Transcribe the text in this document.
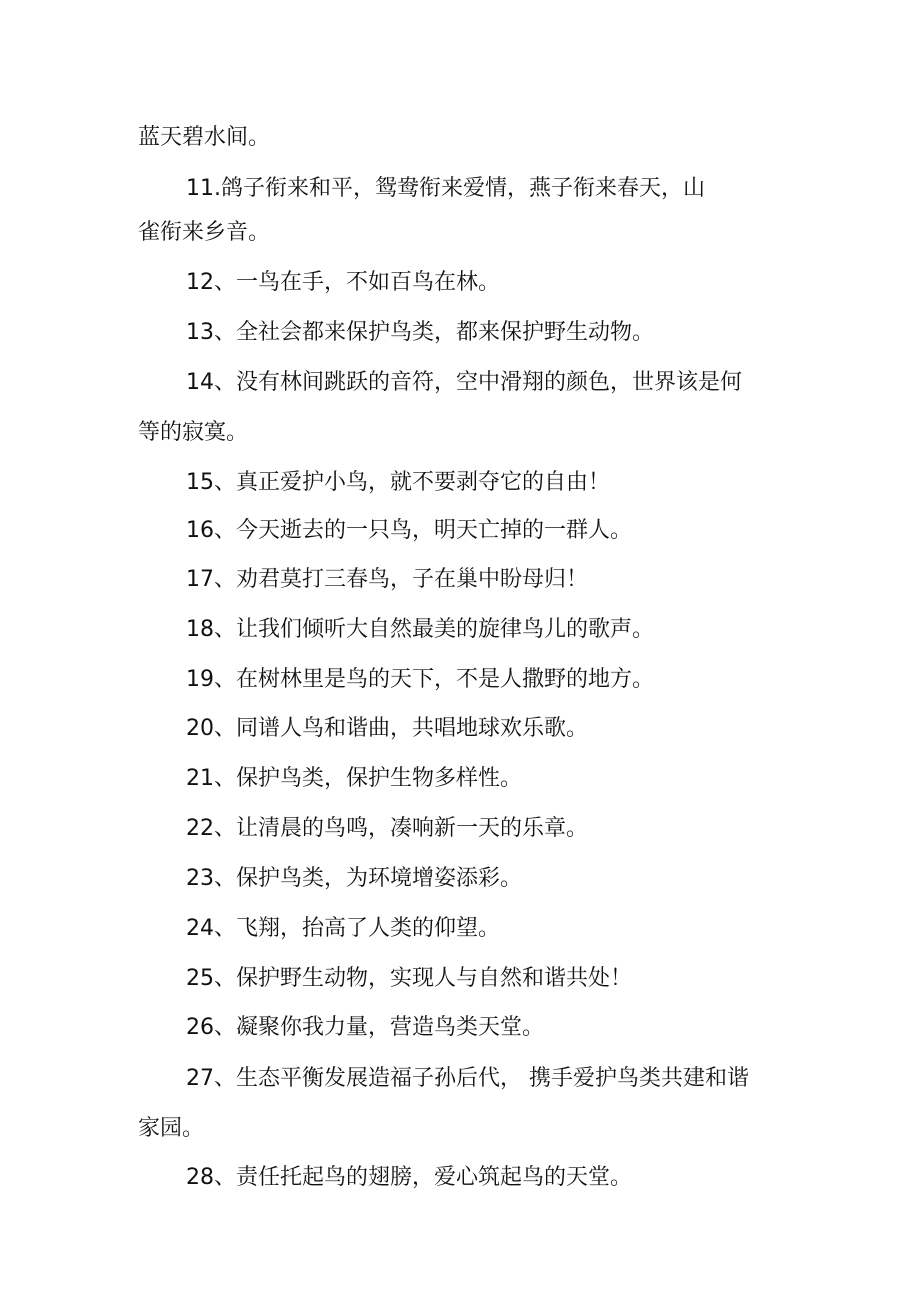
蓝天碧水间。
11.鸽子衔来和平，鸳鸯衔来爱情，燕子衔来春天，山
雀衔来乡音。
12、一鸟在手，不如百鸟在林。
13、全社会都来保护鸟类，都来保护野生动物。
14、没有林间跳跃的音符，空中滑翔的颜色，世界该是何
等的寂寞。
15、真正爱护小鸟，就不要剥夺它的自由！
16、今天逝去的一只鸟，明天亡掉的一群人。
17、劝君莫打三春鸟，子在巢中盼母归！
18、让我们倾听大自然最美的旋律鸟儿的歌声。
19、在树林里是鸟的天下，不是人撒野的地方。
20、同谱人鸟和谐曲，共唱地球欢乐歌。
21、保护鸟类，保护生物多样性。
22、让清晨的鸟鸣，凑响新一天的乐章。
23、保护鸟类，为环境增姿添彩。
24、飞翔，抬高了人类的仰望。
25、保护野生动物，实现人与自然和谐共处！
26、凝聚你我力量，营造鸟类天堂。
27、生态平衡发展造福子孙后代， 携手爱护鸟类共建和谐
家园。
28、责任托起鸟的翅膀，爱心筑起鸟的天堂。
